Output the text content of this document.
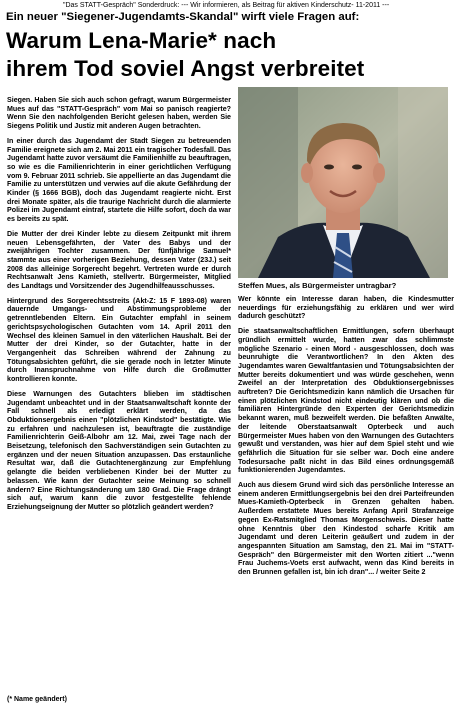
"Das STATT-Gespräch" Sonderdruck: --- Wir informieren, als Beitrag für aktiven Kinderschutz- 11-2011 ---
Ein neuer "Siegener-Jugendamts-Skandal" wirft viele Fragen auf:
Warum Lena-Marie* nach
ihrem Tod soviel Angst verbreitet

Siegen. Haben Sie sich auch schon gefragt, warum Bürgermeister Mues auf das "STATT-Gespräch" vom Mai so panisch reagierte? Wenn Sie den nachfolgenden Bericht gelesen haben, werden Sie Siegens Politik und Justiz mit anderen Augen betrachten.

In einer durch das Jugendamt der Stadt Siegen zu betreuenden Familie ereignete sich am 2. Mai 2011 ein tragischer Todesfall. Das Jugendamt hatte zuvor versäumt die Familienhilfe zu beauftragen, so wie es die Familienrichterin in einer gerichtlichen Verfügung vom 9. Februar 2011 schrieb. Sie appellierte an das Jugendamt die Familie zu unterstützen und verwies auf die akute Gefährdung der Kinder (§ 1666 BGB), doch das Jugendamt reagierte nicht. Erst drei Monate später, als die traurige Nachricht durch die alarmierte Polizei im Jugendamt eintraf, startete die Hilfe sofort, doch da war es bereits zu spät.

Die Mutter der drei Kinder lebte zu diesem Zeitpunkt mit ihrem neuen Lebensgefährten, der Vater des Babys und der zweijährigen Tochter zusammen. Der fünfjährige Samuel* stammte aus einer vorherigen Beziehung, dessen Vater (23J.) seit 2008 das alleinige Sorgerecht begehrt. Vertreten wurde er durch Rechtsanwalt Jens Kamieth, stellvertr. Bürgermeister, Mitglied des Landtags und Vorsitzender des Jugendhilfeausschusses.

Hintergrund des Sorgerechtsstreits (Akt-Z: 15 F 1893-08) waren dauernde Umgangs- und Abstimmungsprobleme der getrenntlebenden Eltern. Ein Gutachter empfahl in seinem gerichtspsychologischen Gutachten vom 14. April 2011 den Wechsel des kleinen Samuel in den väterlichen Haushalt. Bei der Mutter der drei Kinder, so der Gutachter, hatte in der Vergangenheit das Schreiben während der Zahnung zu Tötungsabsichten geführt, die sie gerade noch in letzter Minute durch Inanspruchnahme von Hilfe durch die Großmutter kontrollieren konnte.

Diese Warnungen des Gutachters blieben im städtischen Jugendamt unbeachtet und in der Staatsanwaltschaft konnte der Fall schnell als erledigt erklärt werden, da das Obduktionsergebnis einen "plötzlichen Kindstod" bestätigte. Wie zu erfahren und nachzulesen ist, beauftragte die zuständige Familienrichterin Geiß-Albohr am 12. Mai, zwei Tage nach der Beisetzung, telefonisch den Sachverständigen sein Gutachten zu ergänzen und der neuen Situation anzupassen. Das erstaunliche Resultat war, daß die Gutachtenergänzung zur Empfehlung gelangte die beiden verbliebenen Kinder bei der Mutter zu belassen. Wie kann der Gutachter seine Meinung so schnell ändern? Eine Richtungsänderung um 180 Grad. Die Frage drängt sich auf, warum kann die zuvor festgestellte fehlende Erziehungseignung der Mutter so plötzlich geändert werden?

Steffen Mues, als Bürgermeister untragbar?

Wer könnte ein Interesse daran haben, die Kindesmutter neuerdings für erziehungsfähig zu erklären und wer wird dadurch geschützt?

Die staatsanwaltschaftlichen Ermittlungen, sofern überhaupt gründlich ermittelt wurde, hatten zwar das schlimmste mögliche Szenario - einen Mord - ausgeschlossen, doch was beunruhigte die Verantwortlichen? In den Akten des Jugendamtes waren Gewaltfantasien und Tötungsabsichten der Mutter bereits dokumentiert und was würde geschehen, wenn Zweifel an der Interpretation des Obduktionsergebnisses auftreten? Die Gerichtsmedizin kann nämlich die Ursachen für einen plötzlichen Kindstod nicht eindeutig klären und ob die familiären Hintergründe den Experten der Gerichtsmedizin bekannt waren, muß bezweifelt werden. Die befaßten Anwälte, der leitende Oberstaatsanwalt Opterbeck und auch Bürgermeister Mues haben von den Warnungen des Gutachters gewußt und verstanden, was hier auf dem Spiel steht und wie gefährlich die Situation für sie selber war. Doch eine andere Todesursache paßt nicht in das Bild eines ordnungsgemäß funktionierenden Jugendamtes.

Auch aus diesem Grund wird sich das persönliche Interesse an einem anderen Ermittlungsergebnis bei den drei Parteifreunden Mues-Kamieth-Opterbeck in Grenzen gehalten haben. Außerdem erstattete Mues bereits Anfang April Strafanzeige gegen Ex-Ratsmitglied Thomas Morgenschweis. Dieser hatte ohne Kenntnis über den Kindestod scharfe Kritik am Jugendamt und deren Leiterin geäußert und zudem in der angespannten Situation am Samstag, den 21. Mai im "STATT-Gespräch" den Bürgermeister mit den Worten zitiert ..."wenn Frau Juchems-Voets erst aufwacht, wenn das Kind bereits in den Brunnen gefallen ist, bin ich dran"... / weiter Seite 2

(* Name geändert)
